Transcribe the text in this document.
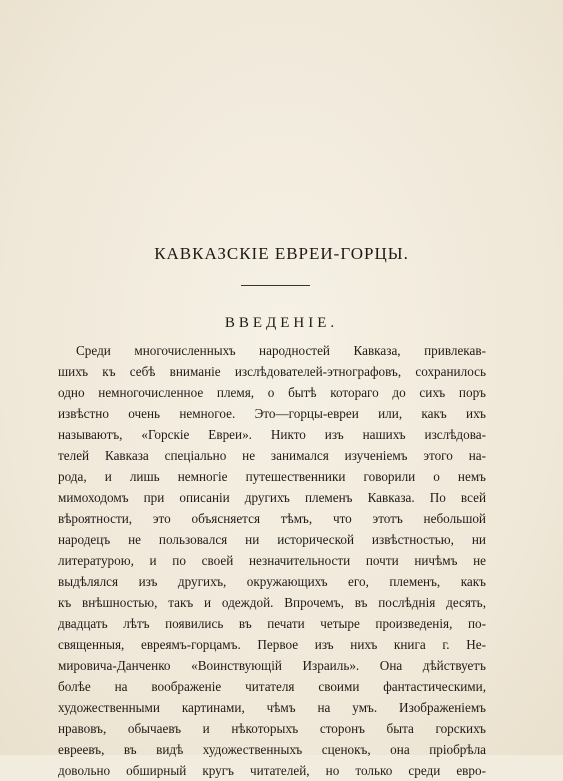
КАВКАЗСКIЕ ЕВРЕИ-ГОРЦЫ.
ВВЕДЕНIЕ.
Среди многочисленныхъ народностей Кавказа, привлекав-
шихъ къ себѣ вниманiе изслѣдователей-этнографовъ, сохранилось
одно немногочисленное племя, о бытѣ котораго до сихъ поръ
извѣстно очень немногое. Это—горцы-евреи или, какъ ихъ
называютъ, «Горскiе Евреи». Никто изъ нашихъ изслѣдова-
телей Кавказа спецiально не занимался изученiемъ этого на-
рода, и лишь немногiе путешественники говорили о немъ
мимоходомъ при описанiи другихъ племенъ Кавказа. По всей
вѣроятности, это объясняется тѣмъ, что этотъ небольшой
народецъ не пользовался ни исторической извѣстностью, ни
литературою, и по своей незначительности почти ничѣмъ не
выдѣлялся изъ другихъ, окружающихъ его, племенъ, какъ
къ внѣшностью, такъ и одеждой. Впрочемъ, въ послѣднiя десять,
двадцать лѣтъ появились въ печати четыре произведенiя, по-
священныя, евреямъ-горцамъ. Первое изъ нихъ книга г. Не-
мировича-Данченко «Воинствующiй Израиль». Она дѣйствуетъ
болѣе на воображенiе читателя своими фантастическими,
художественными картинами, чѣмъ на умъ. Изображенiемъ
нравовъ, обычаевъ и нѣкоторыхъ сторонъ быта горскихъ
евреевъ, въ видѣ художественныхъ сценокъ, она прiобрѣла
довольно обширный кругъ читателей, но только среди евро-
